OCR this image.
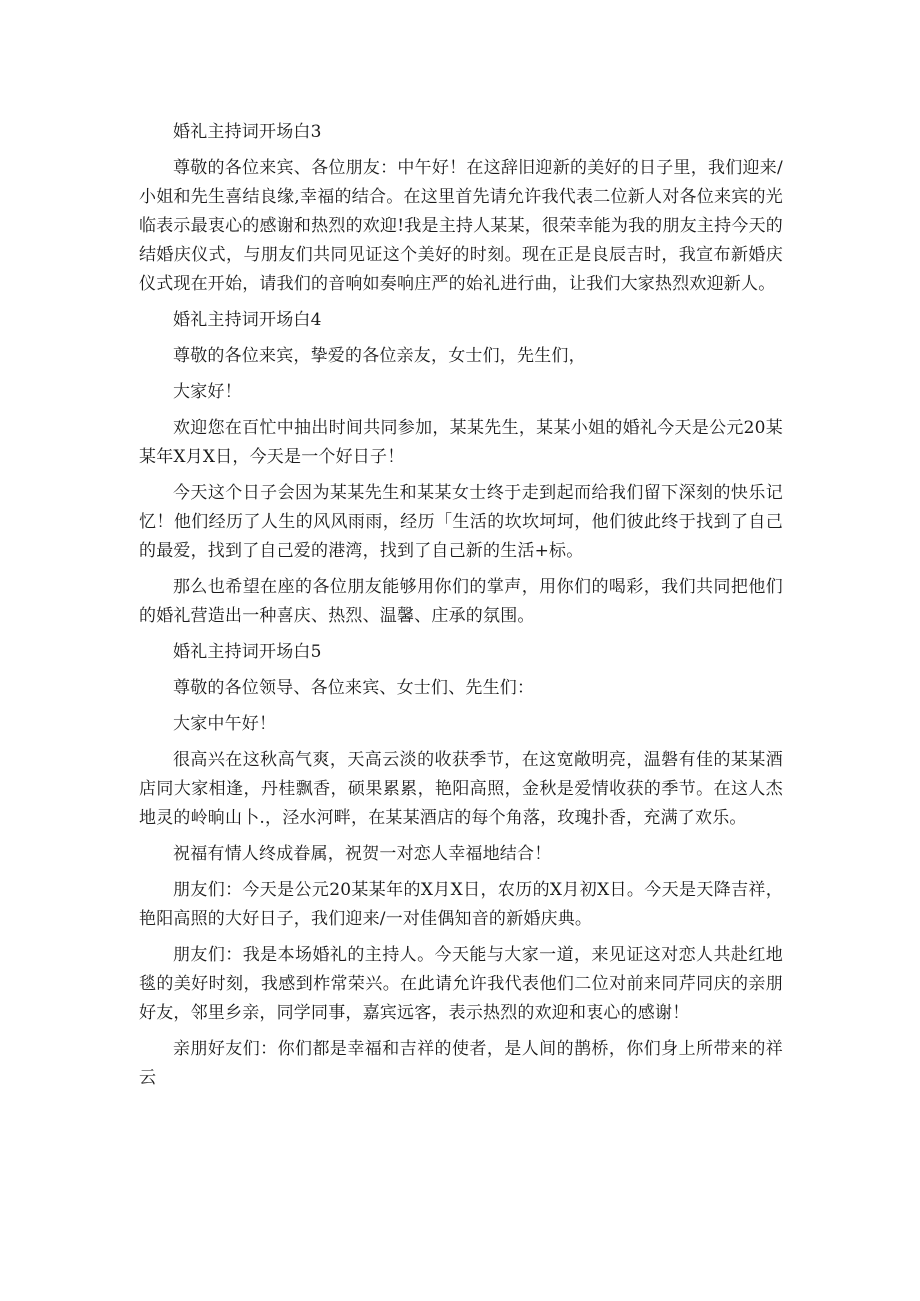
婚礼主持词开场白3

尊敬的各位来宾、各位朋友：中午好！在这辞旧迎新的美好的日子里，我们迎来/小姐和先生喜结良缘,幸福的结合。在这里首先请允许我代表二位新人对各位来宾的光临表示最衷心的感谢和热烈的欢迎!我是主持人某某，很荣幸能为我的朋友主持今天的结婚庆仪式，与朋友们共同见证这个美好的时刻。现在正是良辰吉时，我宣布新婚庆仪式现在开始，请我们的音响如奏响庄严的始礼进行曲，让我们大家热烈欢迎新人。

婚礼主持词开场白4

尊敬的各位来宾，挚爱的各位亲友，女士们，先生们，

大家好！

欢迎您在百忙中抽出时间共同参加，某某先生，某某小姐的婚礼今天是公元20某某年X月X日，今天是一个好日子！

今天这个日子会因为某某先生和某某女士终于走到起而给我们留下深刻的快乐记忆！他们经历了人生的风风雨雨，经历「生活的坎坎坷坷，他们彼此终于找到了自己的最爱，找到了自己爱的港湾，找到了自己新的生活+标。

那么也希望在座的各位朋友能够用你们的掌声，用你们的喝彩，我们共同把他们的婚礼营造出一种喜庆、热烈、温馨、庄承的氛围。

婚礼主持词开场白5

尊敬的各位领导、各位来宾、女士们、先生们：

大家中午好！

很高兴在这秋高气爽，天高云淡的收获季节，在这宽敞明亮，温磐有佳的某某酒店同大家相逢，丹桂飘香，硕果累累，艳阳高照，金秋是爱情收获的季节。在这人杰地灵的岭晌山卜.，泾水河畔，在某某酒店的每个角落，玫瑰扑香，充满了欢乐。

祝福有情人终成眷属，祝贺一对恋人幸福地结合！

朋友们：今天是公元20某某年的X月X日，农历的X月初X日。今天是天降吉祥，艳阳高照的大好日子，我们迎来/一对佳偶知音的新婚庆典。

朋友们：我是本场婚礼的主持人。今天能与大家一道，来见证这对恋人共赴红地毯的美好时刻，我感到柞常荣兴。在此请允许我代表他们二位对前来同芹同庆的亲朋好友，邻里乡亲，同学同事，嘉宾远客，表示热烈的欢迎和衷心的感谢！

亲朋好友们：你们都是幸福和吉祥的使者，是人间的鹊桥，你们身上所带来的祥云
